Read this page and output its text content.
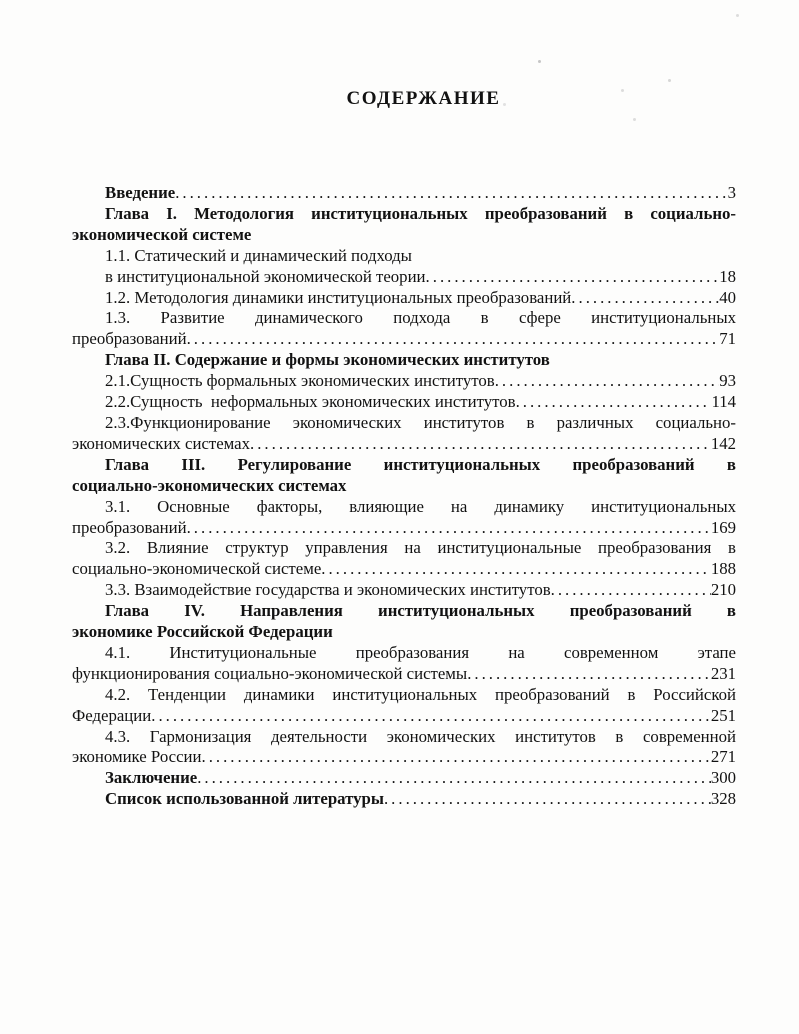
СОДЕРЖАНИЕ
Введение .....	3
Глава I. Методология институциональных преобразований в социально-
экономической системе
1.1. Статический и динамический подходы
в институциональной экономической теории .....	18
1.2. Методология динамики институциональных преобразований .....	40
1.3. Развитие динамического подхода в сфере институциональных
преобразований .....	71
Глава II. Содержание и формы экономических институтов
2.1.Сущность формальных экономических институтов .....	93
2.2.Сущность  неформальных экономических институтов .....	114
2.3.Функционирование экономических институтов в различных социально-
экономических системах .....	142
Глава III. Регулирование институциональных преобразований в
социально-экономических системах
3.1. Основные факторы, влияющие на динамику институциональных
преобразований .....	169
3.2. Влияние структур управления на институциональные преобразования в
социально-экономической системе .....	188
3.3. Взаимодействие государства и экономических институтов .....	210
Глава IV. Направления институциональных преобразований в
экономике Российской Федерации
4.1. Институциональные преобразования на современном этапе
функционирования социально-экономической системы .....	231
4.2. Тенденции динамики институциональных преобразований в Российской
Федерации .....	251
4.3. Гармонизация деятельности экономических институтов в современной
экономике России .....	271
Заключение .....	300
Список использованной литературы .....	328
